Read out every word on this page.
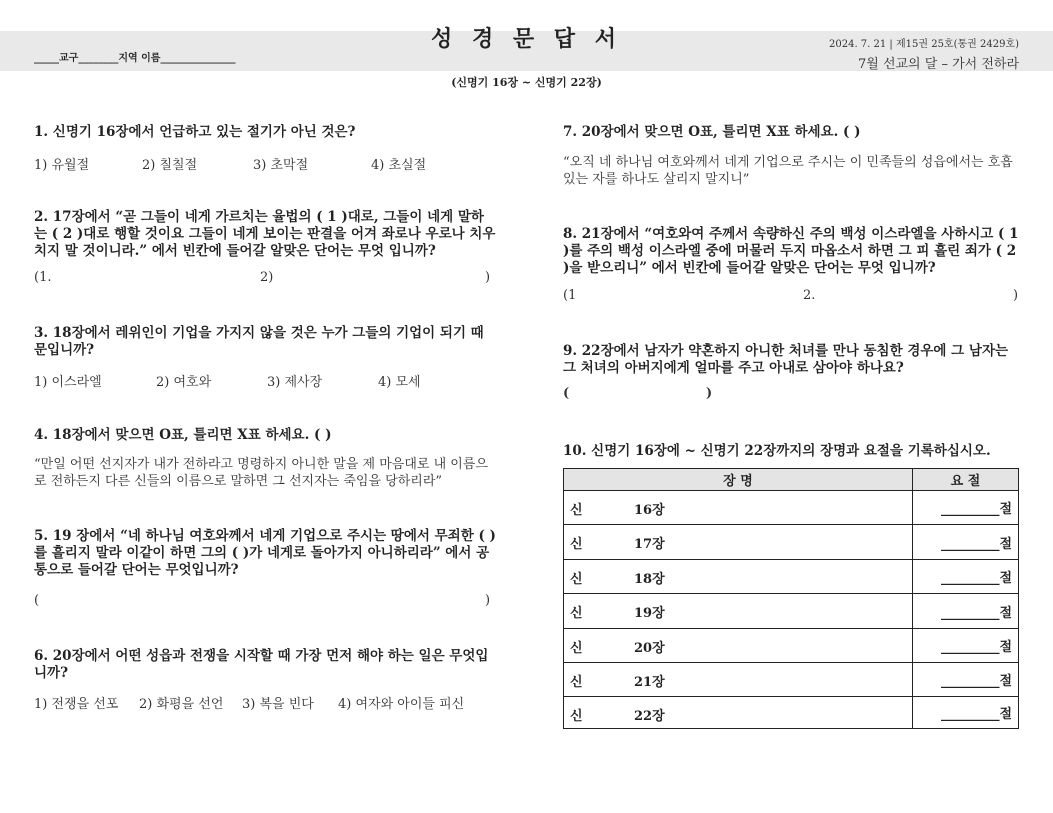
성 경 문 답 서
_____교구________지역 이름_______________
2024. 7. 21 | 제15권 25호(통권 2429호)
7월 선교의 달 – 가서 전하라
(신명기 16장 ~ 신명기 22장)
1. 신명기 16장에서 언급하고 있는 절기가 아닌 것은?
1) 유월절	2) 칠칠절	3) 초막절	4) 초실절
2. 17장에서 “곧 그들이 네게 가르치는 율법의 ( 1 )대로, 그들이 네게 말하는 ( 2 )대로 행할 것이요 그들이 네게 보이는 판결을 어겨 좌로나 우로나 치우치지 말 것이니라.” 에서 빈칸에 들어갈 알맞은 단어는 무엇 입니까?
(1.	2)	)
3. 18장에서 레위인이 기업을 가지지 않을 것은 누가 그들의 기업이 되기 때문입니까?
1) 이스라엘	2) 여호와	3) 제사장	4) 모세
4. 18장에서 맞으면 O표, 틀리면 X표 하세요. ( )
“만일 어떤 선지자가 내가 전하라고 명령하지 아니한 말을 제 마음대로 내 이름으로 전하든지 다른 신들의 이름으로 말하면 그 선지자는 죽임을 당하리라”
5. 19 장에서 “네 하나님 여호와께서 네게 기업으로 주시는 땅에서 무죄한 ( )를 흘리지 말라 이같이 하면 그의 ( )가 네게로 돌아가지 아니하리라” 에서 공통으로 들어갈 단어는 무엇입니까?
(	)
6. 20장에서 어떤 성읍과 전쟁을 시작할 때 가장 먼저 해야 하는 일은 무엇입니까?
1) 전쟁을 선포 2) 화평을 선언 3) 복을 빈다 4) 여자와 아이들 피신
7. 20장에서 맞으면 O표, 틀리면 X표 하세요. ( )
“오직 네 하나님 여호와께서 네게 기업으로 주시는 이 민족들의 성읍에서는 호흡 있는 자를 하나도 살리지 말지니”
8. 21장에서 “여호와여 주께서 속량하신 주의 백성 이스라엘을 사하시고 ( 1 )를 주의 백성 이스라엘 중에 머물러 두지 마옵소서 하면 그 피 흘린 죄가 ( 2 )을 받으리니” 에서 빈칸에 들어갈 알맞은 단어는 무엇 입니까?
(1	2.	)
9. 22장에서 남자가 약혼하지 아니한 처녀를 만나 동침한 경우에 그 남자는 그 처녀의 아버지에게 얼마를 주고 아내로 삼아야 하나요?
(	)
10. 신명기 16장에 ~ 신명기 22장까지의 장명과 요절을 기록하십시오.
장 명	요 절

신 16장	_________절

신 17장	_________절

신 18장	_________절

신 19장	_________절

신 20장	_________절

신 21장	_________절

신 22장	_________절
